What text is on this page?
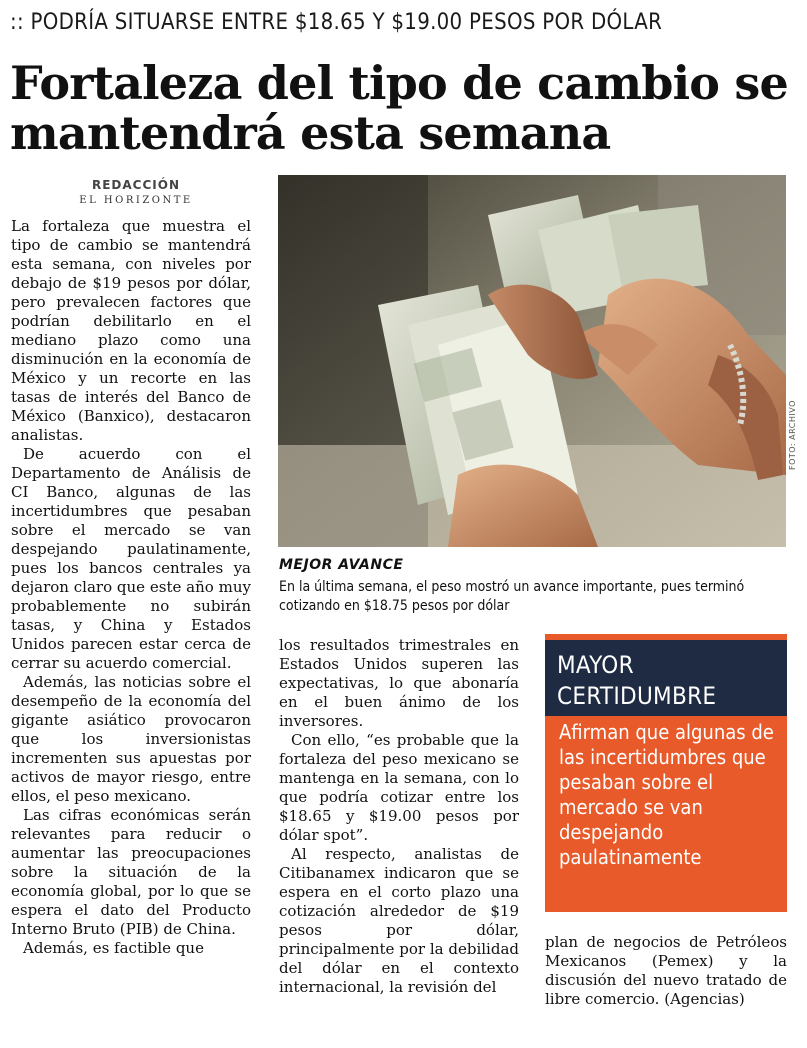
:: PODRÍA SITUARSE ENTRE $18.65 Y $19.00 PESOS POR DÓLAR
Fortaleza del tipo de cambio se mantendrá esta semana
REDACCIÓN
EL HORIZONTE

La fortaleza que muestra el tipo de cambio se mantendrá esta semana, con niveles por debajo de $19 pesos por dólar, pero prevalecen factores que podrían debilitarlo en el mediano plazo como una disminución en la economía de México y un recorte en las tasas de interés del Banco de México (Banxico), destacaron analistas.

De acuerdo con el Departamento de Análisis de CI Banco, algunas de las incertidumbres que pesaban sobre el mercado se van despejando paulatinamente, pues los bancos centrales ya dejaron claro que este año muy probablemente no subirán tasas, y China y Estados Unidos parecen estar cerca de cerrar su acuerdo comercial.

Además, las noticias sobre el desempeño de la economía del gigante asiático provocaron que los inversionistas incrementen sus apuestas por activos de mayor riesgo, entre ellos, el peso mexicano.

Las cifras económicas serán relevantes para reducir o aumentar las preocupaciones sobre la situación de la economía global, por lo que se espera el dato del Producto Interno Bruto (PIB) de China.

Además, es factible que

FOTO: ARCHIVO
MEJOR AVANCE
En la última semana, el peso mostró un avance importante, pues terminó cotizando en $18.75 pesos por dólar

los resultados trimestrales en Estados Unidos superen las expectativas, lo que abonaría en el buen ánimo de los inversores.

Con ello, “es probable que la fortaleza del peso mexicano se mantenga en la semana, con lo que podría cotizar entre los $18.65 y $19.00 pesos por dólar spot”.

Al respecto, analistas de Citibanamex indicaron que se espera en el corto plazo una cotización alrededor de $19 pesos por dólar, principalmente por la debilidad del dólar en el contexto internacional, la revisión del

MAYOR
CERTIDUMBRE
Afirman que algunas de las incertidumbres que pesaban sobre el mercado se van despejando paulatinamente

plan de negocios de Petróleos Mexicanos (Pemex) y la discusión del nuevo tratado de libre comercio. (Agencias)
